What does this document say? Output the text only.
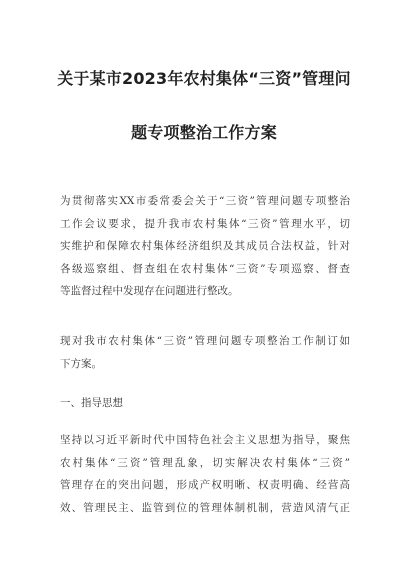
关于某市2023年农村集体“三资”管理问
题专项整治工作方案
为贯彻落实XX市委常委会关于“三资”管理问题专项整治
工作会议要求，提升我市农村集体“三资”管理水平，切
实维护和保障农村集体经济组织及其成员合法权益，针对
各级巡察组、督查组在农村集体“三资”专项巡察、督查
等监督过程中发现存在问题进行整改。
现对我市农村集体“三资”管理问题专项整治工作制订如
下方案。
一、指导思想
坚持以习近平新时代中国特色社会主义思想为指导，聚焦
农村集体“三资”管理乱象，切实解决农村集体“三资”
管理存在的突出问题，形成产权明晰、权责明确、经营高
效、管理民主、监管到位的管理体制机制，营造风清气正
